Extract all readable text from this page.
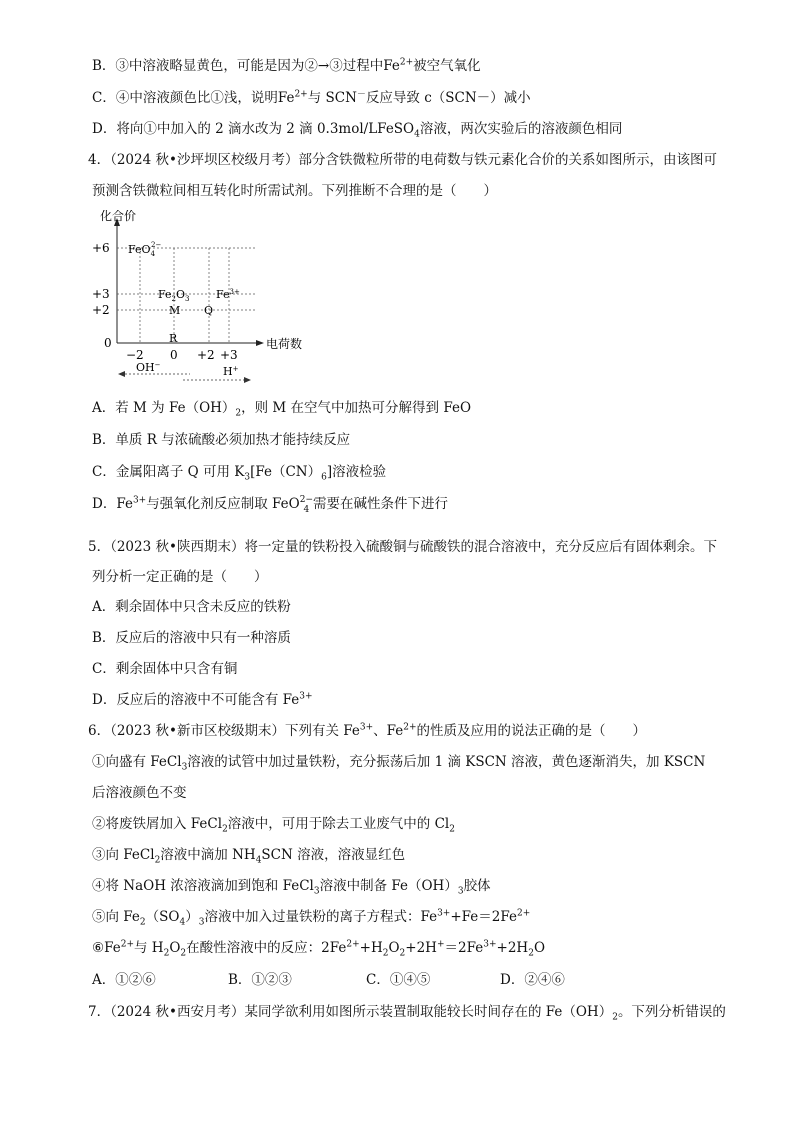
B．③中溶液略显黄色，可能是因为②→③过程中$Fe^{2+}$被空气氧化
C．④中溶液颜色比①浅，说明$Fe^{2+}$与 SCN－反应导致 c（SCN－）减小
D．将向①中加入的 2 滴水改为 2 滴 0.3mol/LFeSO$_4$溶液，两次实验后的溶液颜色相同
4．（2024 秋•沙坪坝区校级月考）部分含铁微粒所带的电荷数与铁元素化合价的关系如图所示，由该图可
预测含铁微粒间相互转化时所需试剂。下列推断不合理的是（　　）
化合价
电荷数
+6
+3
+2
0
−2 0 +2 +3
FeO$_4$2−
$Fe_2O_3$ $Fe^{3+}$
M Q
R
OH−	H+
A．若 M 为 $Fe(OH)_2$，则 M 在空气中加热可分解得到 FeO
B．单质 R 与浓硫酸必须加热才能持续反应
C．金属阳离子 Q 可用 $K_3[Fe(CN)_6]$溶液检验
D．$Fe^{3+}$与强氧化剂反应制取 FeO 2−
4 需要在碱性条件下进行
5．（2023 秋•陕西期末）将一定量的铁粉投入硫酸铜与硫酸铁的混合溶液中，充分反应后有固体剩余。下
列分析一定正确的是（　　）
A．剩余固体中只含未反应的铁粉
B．反应后的溶液中只有一种溶质
C．剩余固体中只含有铜
D．反应后的溶液中不可能含有 $Fe^{3+}$
6．（2023 秋•新市区校级期末）下列有关 $Fe^{3+}$、$Fe^{2+}$的性质及应用的说法正确的是（　　）
①向盛有 FeCl$_3$溶液的试管中加过量铁粉，充分振荡后加 1 滴 KSCN 溶液，黄色逐渐消失，加 KSCN
后溶液颜色不变
②将废铁屑加入 FeCl$_2$溶液中，可用于除去工业废气中的 $Cl_2$
③向 FeCl$_2$溶液中滴加 $NH_4SCN$ 溶液，溶液显红色
④将 NaOH 浓溶液滴加到饱和 FeCl$_3$溶液中制备 $Fe(OH)_3$胶体
⑤向 $Fe_2(SO_4)_3$溶液中加入过量铁粉的离子方程式：$Fe^{3+}+Fe=2Fe^{2+}$
$⑥Fe^{2+}$与 $H_2O_2$在酸性溶液中的反应：$2Fe^{2+}+H_2O_2+2H^+=2Fe^{3+}+2H_2O$
A．①②⑥	B．①②③	C．①④⑤	D．②④⑥
7．（2024 秋•西安月考）某同学欲利用如图所示装置制取能较长时间存在的 $Fe(OH)_2$。下列分析错误的
